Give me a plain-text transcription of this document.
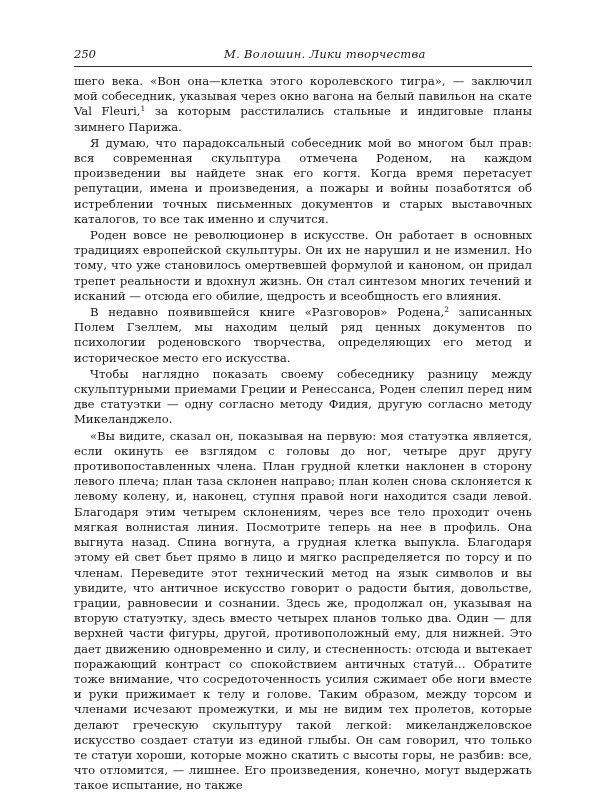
250	М. Волошин. Лики творчества

шего века. «Вон она—клетка этого королевского тигра», — заключил мой собеседник, указывая через окно вагона на белый павильон на скате Val Fleuri,$^1$ за которым расстилались стальные и индиговые планы зимнего Парижа.

Я думаю, что парадоксальный собеседник мой во многом был прав: вся современная скульптура отмечена Роденом, на каждом произведении вы найдете знак его когтя. Когда время перетасует репутации, имена и произведения, а пожары и войны позаботятся об истреблении точных письменных документов и старых выставочных каталогов, то все так именно и случится.

Роден вовсе не революционер в искусстве. Он работает в основных традициях европейской скульптуры. Он их не нарушил и не изменил. Но тому, что уже становилось омертвевшей формулой и каноном, он придал трепет реальности и вдохнул жизнь. Он стал синтезом многих течений и исканий — отсюда его обилие, щедрость и всеобщность его влияния.

В недавно появившейся книге «Разговоров» Родена,$^2$ записанных Полем Гзеллем, мы находим целый ряд ценных документов по психологии роденовского творчества, определяющих его метод и историческое место его искусства.

Чтобы наглядно показать своему собеседнику разницу между скульптурными приемами Греции и Ренессанса, Роден слепил перед ним две статуэтки — одну согласно методу Фидия, другую согласно методу Микеланджело.

«Вы видите, сказал он, показывая на первую: моя статуэтка является, если окинуть ее взглядом с головы до ног, четыре друг другу противопоставленных члена. План грудной клетки наклонен в сторону левого плеча; план таза склонен направо; план колен снова склоняется к левому колену, и, наконец, ступня правой ноги находится сзади левой. Благодаря этим четырем склонениям, через все тело проходит очень мягкая волнистая линия. Посмотрите теперь на нее в профиль. Она выгнута назад. Спина вогнута, а грудная клетка выпукла. Благодаря этому ей свет бьет прямо в лицо и мягко распределяется по торсу и по членам. Переведите этот технический метод на язык символов и вы увидите, что античное искусство говорит о радости бытия, довольстве, грации, равновесии и сознании. Здесь же, продолжал он, указывая на вторую статуэтку, здесь вместо четырех планов только два. Один — для верхней части фигуры, другой, противоположный ему, для нижней. Это дает движению одновременно и силу, и стесненность: отсюда и вытекает поражающий контраст со спокойствием античных статуй… Обратите тоже внимание, что сосредоточенность усилия сжимает обе ноги вместе и руки прижимает к телу и голове. Таким образом, между торсом и членами исчезают промежутки, и мы не видим тех пролетов, которые делают греческую скульптуру такой легкой: микеланджеловское искусство создает статуи из единой глыбы. Он сам говорил, что только те статуи хороши, которые можно скатить с высоты горы, не разбив: все, что отломится, — лишнее. Его произведения, конечно, могут выдержать такое испытание, но также
